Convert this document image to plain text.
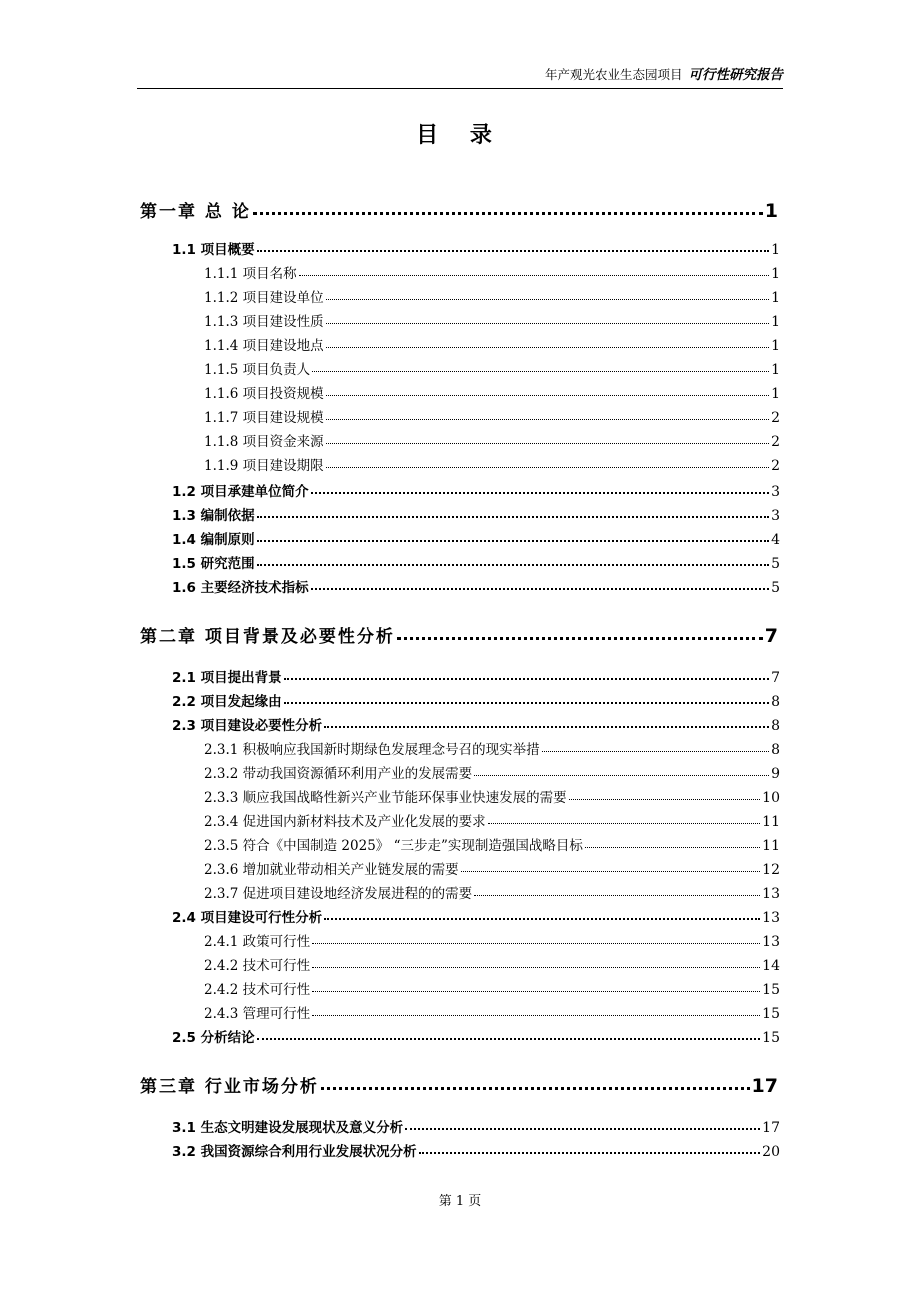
年产观光农业生态园项目 可行性研究报告
目 录
第一章 总 论	1
1.1 项目概要	1
1.1.1 项目名称	1
1.1.2 项目建设单位	1
1.1.3 项目建设性质	1
1.1.4 项目建设地点	1
1.1.5 项目负责人	1
1.1.6 项目投资规模	1
1.1.7 项目建设规模	2
1.1.8 项目资金来源	2
1.1.9 项目建设期限	2
1.2 项目承建单位简介	3
1.3 编制依据	3
1.4 编制原则	4
1.5 研究范围	5
1.6 主要经济技术指标	5
第二章 项目背景及必要性分析	7
2.1 项目提出背景	7
2.2 项目发起缘由	8
2.3 项目建设必要性分析	8
2.3.1 积极响应我国新时期绿色发展理念号召的现实举措	8
2.3.2 带动我国资源循环利用产业的发展需要	9
2.3.3 顺应我国战略性新兴产业节能环保事业快速发展的需要	10
2.3.4 促进国内新材料技术及产业化发展的要求	11
2.3.5 符合《中国制造 2025》 “三步走”实现制造强国战略目标	11
2.3.6 增加就业带动相关产业链发展的需要	12
2.3.7 促进项目建设地经济发展进程的的需要	13
2.4 项目建设可行性分析	13
2.4.1 政策可行性	13
2.4.2 技术可行性	14
2.4.2 技术可行性	15
2.4.3 管理可行性	15
2.5 分析结论	15
第三章 行业市场分析	17
3.1 生态文明建设发展现状及意义分析	17
3.2 我国资源综合利用行业发展状况分析	20
第 1 页
